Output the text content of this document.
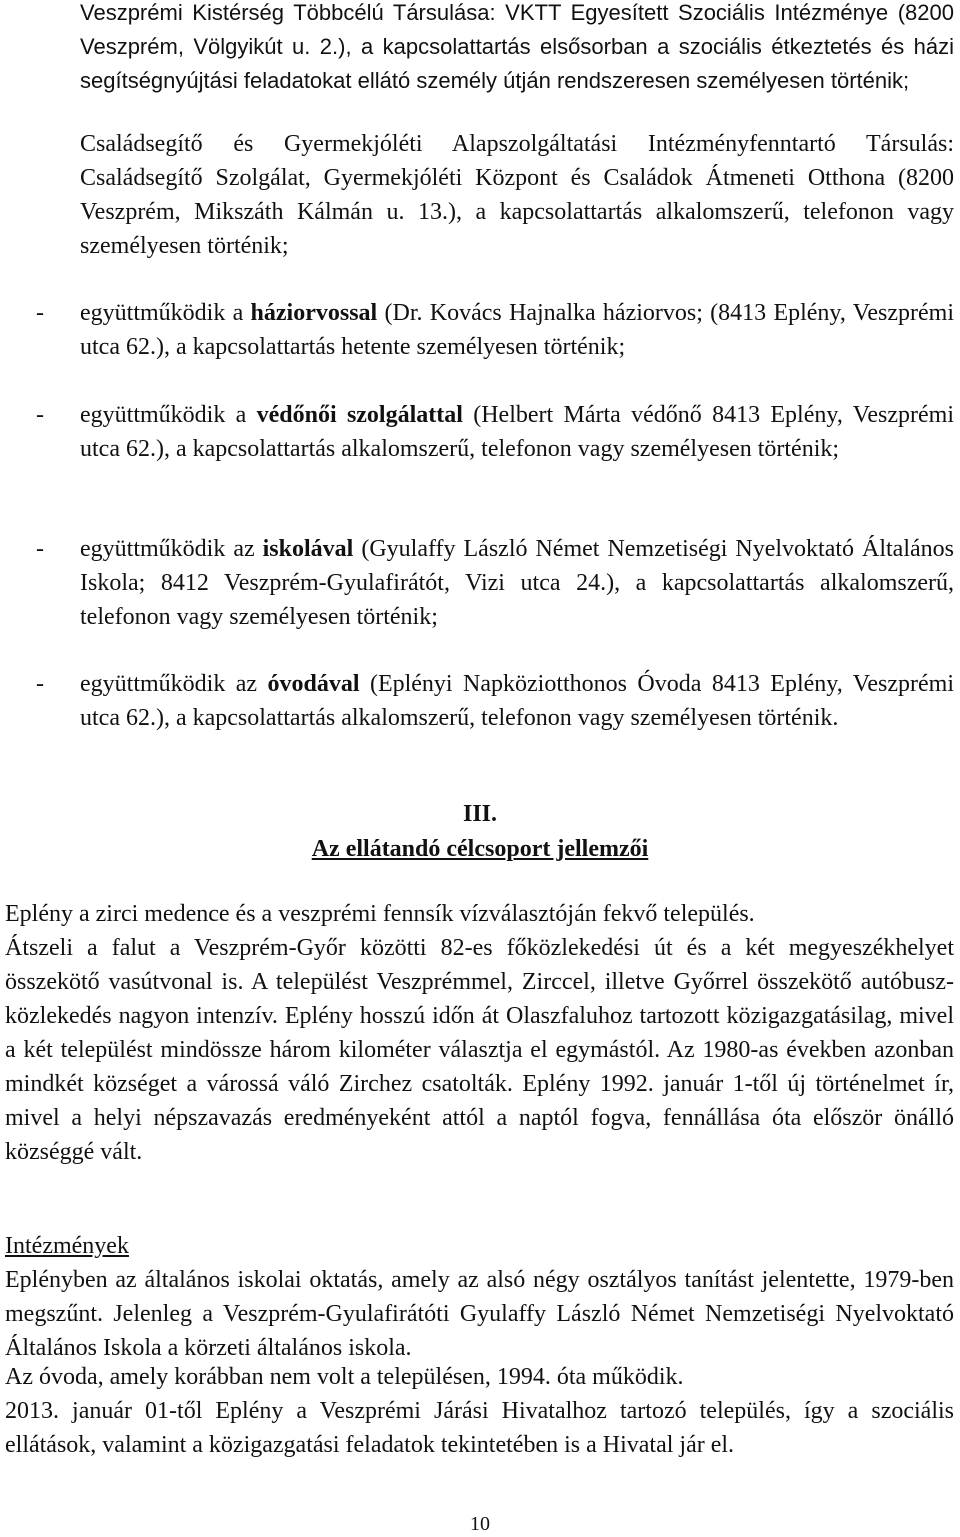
Veszprémi Kistérség Többcélú Társulása: VKTT Egyesített Szociális Intézménye (8200 Veszprém, Völgyikút u. 2.), a kapcsolattartás elsősorban a szociális étkeztetés és házi segítségnyújtási feladatokat ellátó személy útján rendszeresen személyesen történik;
Családsegítő és Gyermekjóléti Alapszolgáltatási Intézményfenntartó Társulás: Családsegítő Szolgálat, Gyermekjóléti Központ és Családok Átmeneti Otthona (8200 Veszprém, Mikszáth Kálmán u. 13.), a kapcsolattartás alkalomszerű, telefonon vagy személyesen történik;
- együttműködik a háziorvossal (Dr. Kovács Hajnalka háziorvos; (8413 Eplény, Veszprémi utca 62.), a kapcsolattartás hetente személyesen történik;
- együttműködik a védőnői szolgálattal (Helbert Márta védőnő 8413 Eplény, Veszprémi utca 62.), a kapcsolattartás alkalomszerű, telefonon vagy személyesen történik;
- együttműködik az iskolával (Gyulaffy László Német Nemzetiségi Nyelvoktató Általános Iskola; 8412 Veszprém-Gyulafirátót, Vizi utca 24.), a kapcsolattartás alkalomszerű, telefonon vagy személyesen történik;
- együttműködik az óvodával (Eplényi Napköziotthonos Óvoda 8413 Eplény, Veszprémi utca 62.), a kapcsolattartás alkalomszerű, telefonon vagy személyesen történik.
III.
Az ellátandó célcsoport jellemzői
Eplény a zirci medence és a veszprémi fennsík vízválasztóján fekvő település.
Átszeli a falut a Veszprém-Győr közötti 82-es főközlekedési út és a két megyeszékhelyet összekötő vasútvonal is. A települést Veszprémmel, Zirccel, illetve Győrrel összekötő autóbusz-közlekedés nagyon intenzív. Eplény hosszú időn át Olaszfaluhoz tartozott közigazgatásilag, mivel a két települést mindössze három kilométer választja el egymástól. Az 1980-as években azonban mindkét községet a várossá váló Zirchez csatolták. Eplény 1992. január 1-től új történelmet ír, mivel a helyi népszavazás eredményeként attól a naptól fogva, fennállása óta először önálló községgé vált.
Intézmények
Eplényben az általános iskolai oktatás, amely az alsó négy osztályos tanítást jelentette, 1979-ben megszűnt. Jelenleg a Veszprém-Gyulafirátóti Gyulaffy László Német Nemzetiségi Nyelvoktató Általános Iskola a körzeti általános iskola.
Az óvoda, amely korábban nem volt a településen, 1994. óta működik.
2013. január 01-től Eplény a Veszprémi Járási Hivatalhoz tartozó település, így a szociális ellátások, valamint a közigazgatási feladatok tekintetében is a Hivatal jár el.
10
